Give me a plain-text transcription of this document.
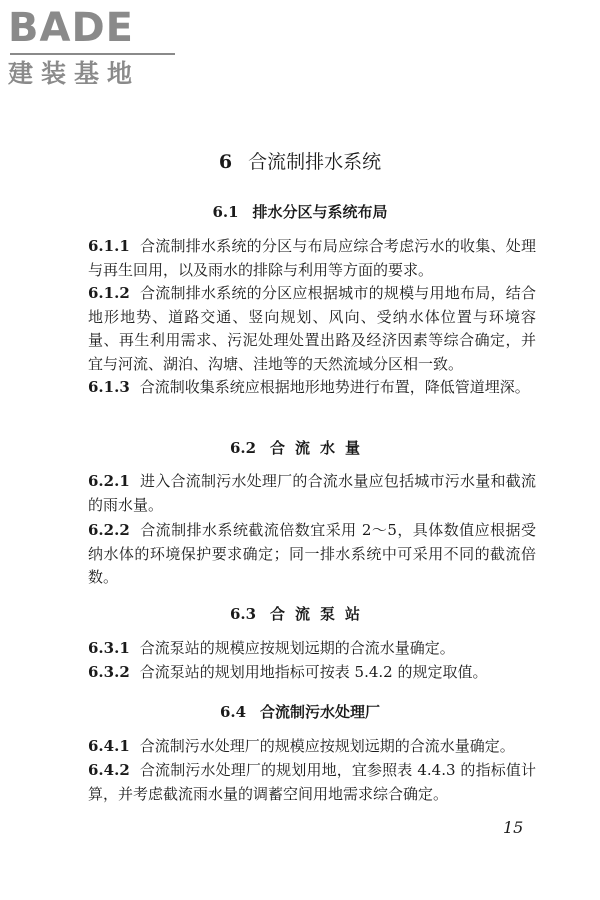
BADE
建装基地
6 合流制排水系统
6.1 排水分区与系统布局

6.1.1 合流制排水系统的分区与布局应综合考虑污水的收集、处理与再生回用，以及雨水的排除与利用等方面的要求。

6.1.2 合流制排水系统的分区应根据城市的规模与用地布局，结合地形地势、道路交通、竖向规划、风向、受纳水体位置与环境容量、再生利用需求、污泥处理处置出路及经济因素等综合确定，并宜与河流、湖泊、沟塘、洼地等的天然流域分区相一致。

6.1.3 合流制收集系统应根据地形地势进行布置，降低管道埋深。

6.2 合流水量

6.2.1 进入合流制污水处理厂的合流水量应包括城市污水量和截流的雨水量。

6.2.2 合流制排水系统截流倍数宜采用 2～5，具体数值应根据受纳水体的环境保护要求确定；同一排水系统中可采用不同的截流倍数。

6.3 合流泵站

6.3.1 合流泵站的规模应按规划远期的合流水量确定。

6.3.2 合流泵站的规划用地指标可按表 5.4.2 的规定取值。

6.4 合流制污水处理厂

6.4.1 合流制污水处理厂的规模应按规划远期的合流水量确定。

6.4.2 合流制污水处理厂的规划用地，宜参照表 4.4.3 的指标值计算，并考虑截流雨水量的调蓄空间用地需求综合确定。

15
